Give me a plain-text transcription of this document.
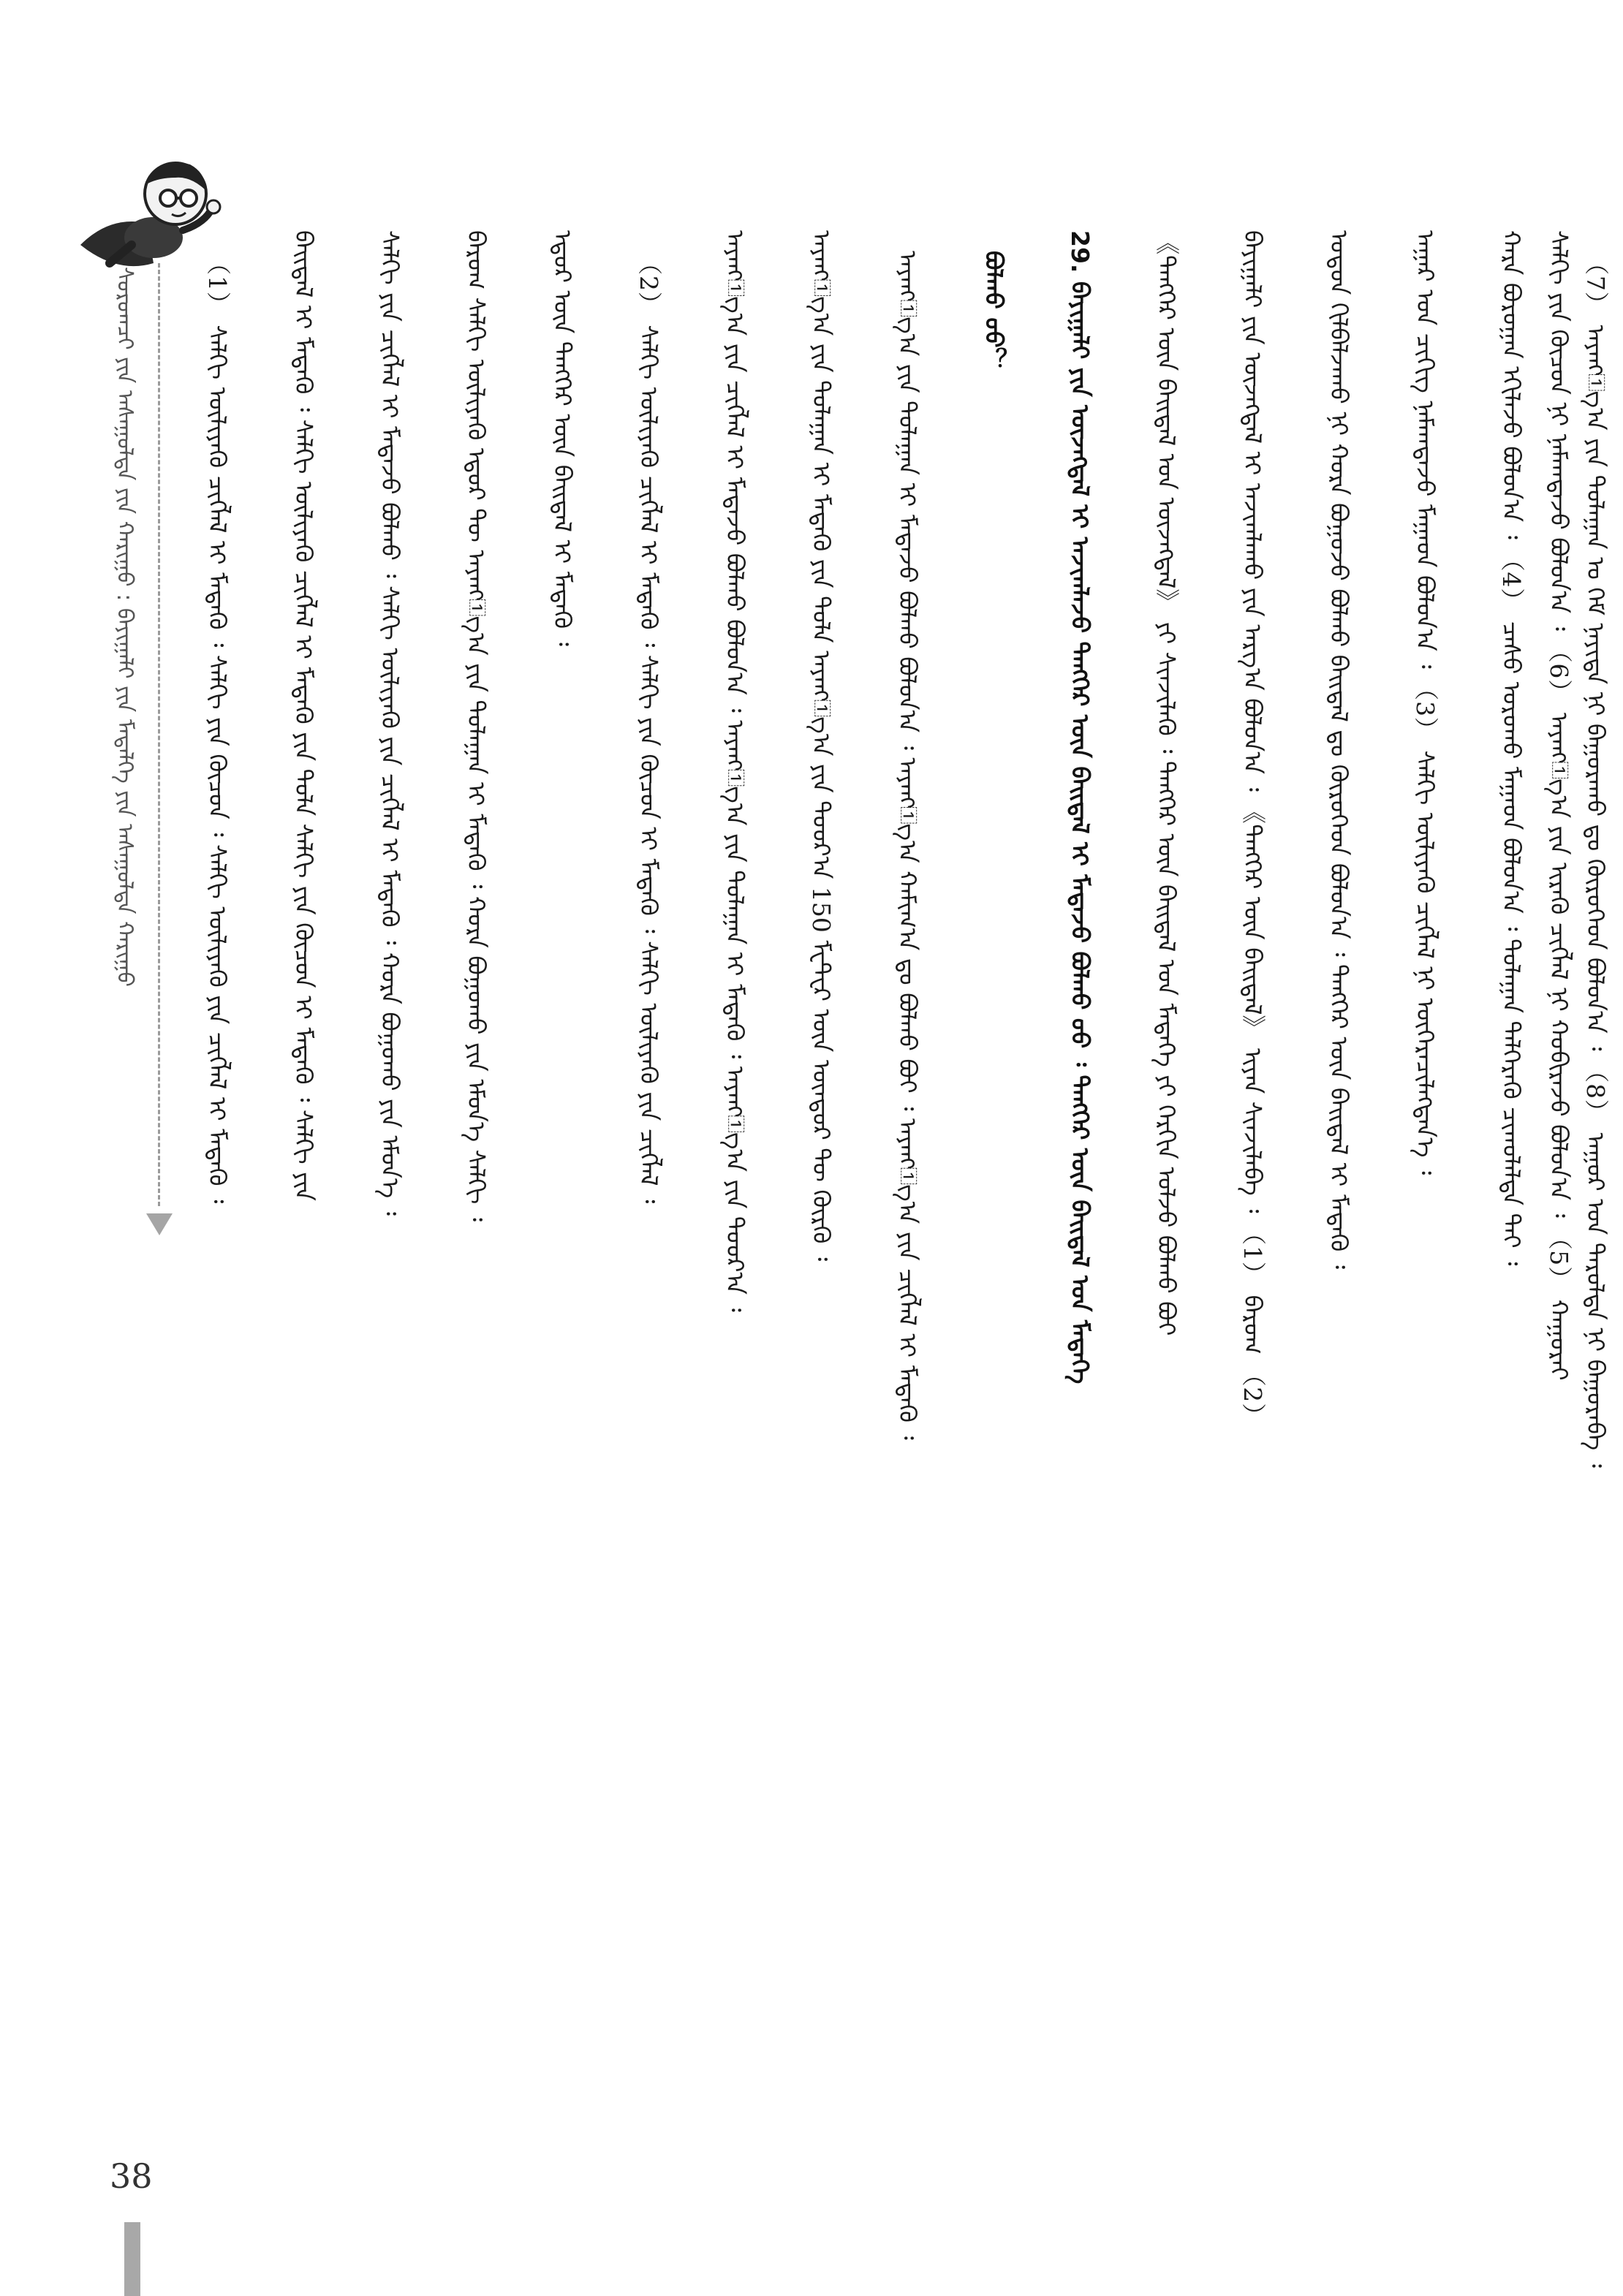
ᠰᠤᠷᠤᠭᠴᠢ ᠶᠢᠨ ᠠᠰᠠᠭᠤᠯᠲᠠ ᠶᠢᠨ ᠬᠠᠷᠢᠭᠤ : ᠪᠠᠶᠢᠭᠠᠯᠢ ᠶᠢᠨ ᠮᠡᠳᠡᠯᠭᠡ ᠶᠢᠨ ᠠᠰᠠᠭᠤᠯᠲᠠ ᠬᠠᠷᠢᠭᠤ	（1） ᠰᠠᠯᠬᠢ ᠦᠯᠢᠶᠡᠬᠦ ᠴᠢᠭᠯᠡᠯ ᠢ ᠮᠡᠳᠡᠬᠦ ᠄ ᠰᠠᠯᠬᠢ ᠶᠢᠨ ᠬᠦᠴᠦᠨ ᠄ ᠰᠠᠯᠬᠢ ᠦᠯᠢᠶᠡᠬᠦ ᠶᠢᠨ ᠴᠢᠭᠯᠡᠯ ᠢ ᠮᠡᠳᠡᠬᠦ ᠄ ᠪᠠᠢᠳᠠᠯ ᠢ ᠮᠡᠳᠡᠬᠦ ᠄ ᠰᠠᠯᠬᠢ ᠦᠯᠢᠶᠡᠬᠦ ᠴᠢᠭᠯᠡᠯ ᠢ ᠮᠡᠳᠡᠬᠦ ᠶᠢᠨ ᠲᠤᠯᠠ ᠰᠠᠯᠬᠢ ᠶᠢᠨ ᠬᠦᠴᠦᠨ ᠢ ᠮᠡᠳᠡᠬᠦ ᠄ ᠰᠠᠯᠬᠢ ᠶᠢᠨ ᠰᠠᠯᠬᠢ ᠶᠢᠨ ᠴᠢᠭᠯᠡᠯ ᠢ ᠮᠡᠳᠡᠵᠦ ᠪᠣᠯᠬᠤ ᠄ ᠰᠠᠯᠬᠢ ᠦᠯᠢᠶᠡᠬᠦ ᠶᠢᠨ ᠴᠢᠭᠯᠡᠯ ᠢ ᠮᠡᠳᠡᠬᠦ ᠄ ᠬᠤᠷᠠ ᠪᠤᠭᠤᠬᠤ ᠶᠢᠨ ᠡᠮᠦᠨ᠎ᠡ ᠄ ᠪᠠᠷᠤᠭ ᠰᠠᠯᠬᠢ ᠦᠯᠢᠶᠡᠬᠦ ᠡᠳᠦᠷ ᠲᠦ ᠠᠶᠠᠩ᠋ᠭ᠎ᠠ ᠶᠢᠨ ᠳᠤᠯᠠᠭᠠᠨ ᠢ ᠮᠡᠳᠡᠬᠦ ᠄ ᠬᠤᠷᠠ ᠪᠤᠭᠤᠬᠤ ᠶᠢᠨ ᠡᠮᠦᠨ᠎ᠡ ᠰᠠᠯᠬᠢ ᠄ ᠡᠳᠦᠷ ᠦᠨ ᠲᠡᠩᠭᠡᠷ ᠦᠨ ᠪᠠᠢᠳᠠᠯ ᠢ ᠮᠡᠳᠡᠬᠦ ᠄ （2） ᠰᠠᠯᠬᠢ ᠦᠯᠢᠶᠡᠬᠦ ᠴᠢᠭᠯᠡᠯ ᠢ ᠮᠡᠳᠡᠬᠦ ᠄ ᠰᠠᠯᠬᠢ ᠶᠢᠨ ᠬᠦᠴᠦᠨ ᠢ ᠮᠡᠳᠡᠬᠦ ᠄ ᠰᠠᠯᠬᠢ ᠦᠯᠢᠶᠡᠬᠦ ᠶᠢᠨ ᠴᠢᠭᠯᠡᠯ ᠄ ᠠᠶᠠᠩ᠋ᠭ᠎ᠠ ᠶᠢᠨ ᠴᠢᠭᠯᠡᠯ ᠢ ᠮᠡᠳᠡᠵᠦ ᠪᠣᠯᠬᠤ ᠪᠣᠯᠤᠨ᠎ᠠ ᠄ ᠠᠶᠠᠩ᠋ᠭ᠎ᠠ ᠶᠢᠨ ᠳᠤᠯᠠᠭᠠᠨ ᠢ ᠮᠡᠳᠡᠬᠦ ᠄ ᠠᠶᠠᠩ᠋ᠭ᠎ᠠ ᠶᠢᠨ ᠳᠣᠣᠷ᠎ᠠ ᠄ ᠠᠶᠠᠩ᠋ᠭ᠎ᠠ ᠶᠢᠨ ᠳᠤᠯᠠᠭᠠᠨ ᠢ ᠮᠡᠳᠡᠬᠦ ᠶᠢᠨ ᠲᠤᠯᠠ ᠠᠶᠠᠩ᠋ᠭ᠎ᠠ ᠶᠢᠨ ᠳᠣᠣᠷ᠎ᠠ 150 ᠮᠧᠲᠧᠷ ᠦᠨ ᠥᠨᠳᠥᠷ ᠲᠦ ᠬᠦᠷᠬᠦ ᠄ ᠠᠶᠠᠩ᠋ᠭ᠎ᠠ ᠶᠢᠨ ᠳᠤᠯᠠᠭᠠᠨ ᠢ ᠮᠡᠳᠡᠵᠦ ᠪᠣᠯᠬᠤ ᠪᠣᠯᠤᠨ᠎ᠠ ᠄ ᠠᠶᠠᠩ᠋ᠭ᠎ᠠ ᠬᠠᠮᠢᠭ᠎ᠠ ᠳᠤ ᠪᠣᠯᠬᠤ ᠪᠤᠢ ᠄ ᠠᠶᠠᠩ᠋ᠭ᠎ᠠ ᠶᠢᠨ ᠴᠢᠭᠯᠡᠯ ᠢ ᠮᠡᠳᠡᠬᠦ ᠄ ᠪᠣᠯᠬᠤ ᠤᠤ？ 29. ᠪᠠᠶᠢᠭᠠᠯᠢ ᠶᠢᠨ ᠦᠵᠡᠭᠳᠡᠯ ᠢ ᠠᠵᠢᠭᠯᠠᠵᠤ ᠲᠡᠩᠭᠡᠷ ᠦᠨ ᠪᠠᠢᠳᠠᠯ ᠢ ᠮᠡᠳᠡᠵᠦ ᠪᠣᠯᠬᠤ ᠤᠤ ᠄ ᠲᠡᠩᠭᠡᠷ ᠦᠨ ᠪᠠᠢᠳᠠᠯ ᠤᠨ ᠮᠡᠳᠡᠭᠡ 《ᠲᠡᠩᠭᠡᠷ ᠦᠨ ᠪᠠᠢᠳᠠᠯ ᠤᠨ ᠦᠵᠡᠭᠳᠡᠯ》 ᠶᠢ ᠰᠢᠨᠵᠢᠯᠡᠬᠦ ᠄ ᠲᠡᠩᠭᠡᠷ ᠦᠨ ᠪᠠᠢᠳᠠᠯ ᠤᠨ ᠮᠡᠳᠡᠭᠡ ᠶᠢ ᠬᠡᠷᠬᠢᠨ ᠣᠯᠵᠤ ᠪᠣᠯᠬᠤ ᠪᠤᠢ ᠪᠠᠶᠢᠭᠠᠯᠢ ᠶᠢᠨ ᠦᠵᠡᠭᠳᠡᠯ ᠢ ᠠᠵᠢᠭᠯᠠᠬᠤ ᠶᠢᠨ ᠠᠷᠭ᠎ᠠ ᠪᠣᠯᠤᠨ᠎ᠠ ᠄ 《ᠲᠡᠩᠭᠡᠷ ᠦᠨ ᠪᠠᠢᠳᠠᠯ》 ᠢᠶᠡᠨ ᠰᠢᠨᠵᠢᠯᠡᠪᠡ ᠄ （1） ᠪᠠᠷᠤᠭ （2） ᠣᠳᠤᠨ ᠭᠢᠯᠪᠠᠯᠵᠠᠬᠤ ᠨᠢ ᠬᠤᠷᠠ ᠪᠤᠭᠤᠵᠤ ᠪᠣᠯᠬᠤ ᠪᠠᠢᠳᠠᠯ ᠳᠤ ᠬᠦᠷᠦᠭᠡᠳ ᠪᠣᠯᠤᠨ᠎ᠠ ᠄ ᠲᠡᠩᠭᠡᠷ ᠦᠨ ᠪᠠᠢᠳᠠᠯ ᠢ ᠮᠡᠳᠡᠬᠦ ᠄ ᠠᠭᠠᠷ ᠤᠨ ᠴᠢᠭᠢᠭ ᠨᠡᠮᠡᠭ᠍ᠳᠡᠵᠦ ᠮᠠᠭᠠᠳ ᠪᠣᠯᠤᠨ᠎ᠠ ᠄ （3） ᠰᠠᠯᠬᠢ ᠦᠯᠢᠶᠡᠬᠦ ᠴᠢᠭᠯᠡᠯ ᠨᠢ ᠥᠭᠡᠷᠡᠴᠢᠯᠡᠭᠳᠡᠨ᠎ᠡ ᠄ ᠬᠠᠷᠠ ᠪᠣᠷᠤᠭᠠᠨ ᠡᠬᠢᠯᠡᠵᠦ ᠪᠣᠯᠤᠨ᠎ᠠ ᠄ （4） ᠴᠠᠰᠤ ᠣᠷᠣᠬᠤ ᠮᠠᠭᠠᠳ ᠪᠣᠯᠤᠨ᠎ᠠ ᠄ ᠳᠤᠯᠠᠭᠠᠨ ᠳᠡᠯᠭᠡᠷᠡᠬᠦ ᠴᠢᠬᠤᠯᠠᠯᠲᠠ ᠲᠠᠢ ᠄ ᠰᠠᠯᠬᠢ ᠶᠢᠨ ᠬᠦᠴᠦᠨ ᠨᠢ ᠨᠡᠮᠡᠭ᠍ᠳᠡᠵᠦ ᠪᠣᠯᠤᠨ᠎ᠠ ᠄ （6） ᠠᠶᠠᠩ᠋ᠭ᠎ᠠ ᠶᠢᠨ ᠢᠷᠡᠬᠦ ᠴᠢᠭᠯᠡᠯ ᠨᠢ ᠬᠤᠪᠢᠷᠠᠵᠤ ᠪᠣᠯᠤᠨ᠎ᠠ ᠄ （5） ᠬᠠᠭᠤᠷᠠᠢ （7） ᠠᠶᠠᠩ᠋ᠭ᠎ᠠ ᠶᠢᠨ ᠳᠤᠯᠠᠭᠠᠨ ᠤ ᠬᠡᠮ ᠨᠡᠶᠢᠲᠡ ᠨᠢ ᠪᠠᠭᠤᠷᠠᠬᠤ ᠳᠤ ᠬᠦᠷᠦᠭᠡᠳ ᠪᠣᠯᠤᠨ᠎ᠠ ᠄ （8） ᠠᠭᠤᠷ ᠤᠨ ᠳᠠᠷᠤᠯᠲᠠ ᠨᠢ ᠪᠠᠭᠤᠷᠠᠪᠠ ᠄
38
